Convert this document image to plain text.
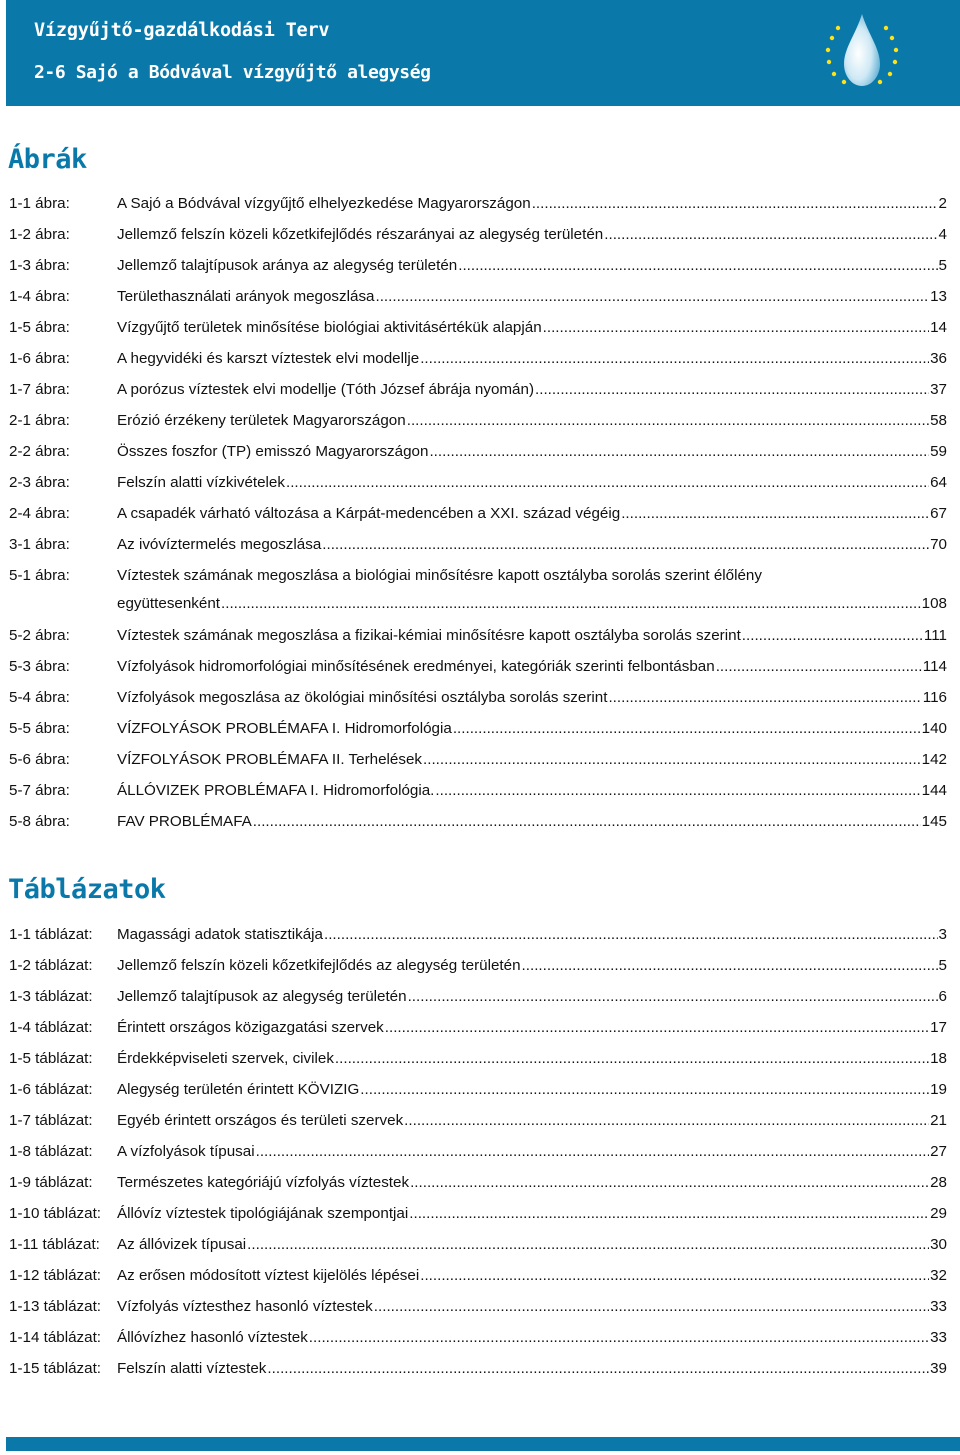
Vízgyűjtő-gazdálkodási Terv
2-6 Sajó a Bódvával vízgyűjtő alegység
Ábrák
1-1 ábra:	A Sajó a Bódvával vízgyűjtő elhelyezkedése Magyarországon .....	2
1-2 ábra:	Jellemző felszín közeli kőzetkifejlődés részarányai az alegység területén .....	4
1-3 ábra:	Jellemző talajtípusok aránya az alegység területén .....	5
1-4 ábra:	Területhasználati arányok megoszlása .....	13
1-5 ábra:	Vízgyűjtő területek minősítése biológiai aktivitásértékük alapján .....	14
1-6 ábra:	A hegyvidéki és karszt víztestek elvi modellje .....	36
1-7 ábra:	A porózus víztestek elvi modellje (Tóth József ábrája nyomán) .....	37
2-1 ábra:	Erózió érzékeny területek Magyarországon .....	58
2-2 ábra:	Összes foszfor (TP) emisszó Magyarországon .....	59
2-3 ábra:	Felszín alatti vízkivételek .....	64
2-4 ábra:	A csapadék várható változása a Kárpát-medencében a XXI. század végéig .....	67
3-1 ábra:	Az ivóvíztermelés megoszlása .....	70
5-1 ábra:	Víztestek számának megoszlása a biológiai minősítésre kapott osztályba sorolás szerint élőlény
együttesenként .....	108
5-2 ábra:	Víztestek számának megoszlása a fizikai-kémiai minősítésre kapott osztályba sorolás szerint .....	111
5-3 ábra:	Vízfolyások hidromorfológiai minősítésének eredményei, kategóriák szerinti felbontásban .....	114
5-4 ábra:	Vízfolyások megoszlása az ökológiai minősítési osztályba sorolás szerint .....	116
5-5 ábra:	VÍZFOLYÁSOK PROBLÉMAFA I. Hidromorfológia .....	140
5-6 ábra:	VÍZFOLYÁSOK PROBLÉMAFA II. Terhelések .....	142
5-7 ábra:	ÁLLÓVIZEK PROBLÉMAFA I. Hidromorfológia. .....	144
5-8 ábra:	FAV PROBLÉMAFA .....	145
Táblázatok
1-1 táblázat: Magassági adatok statisztikája .....	3
1-2 táblázat: Jellemző felszín közeli kőzetkifejlődés az alegység területén .....	5
1-3 táblázat: Jellemző talajtípusok az alegység területén .....	6
1-4 táblázat: Érintett országos közigazgatási szervek .....	17
1-5 táblázat: Érdekképviseleti szervek, civilek .....	18
1-6 táblázat: Alegység területén érintett KÖVIZIG .....	19
1-7 táblázat: Egyéb érintett országos és területi szervek .....	21
1-8 táblázat: A vízfolyások típusai .....	27
1-9 táblázat: Természetes kategóriájú vízfolyás víztestek .....	28
1-10 táblázat: Állóvíz víztestek tipológiájának szempontjai .....	29
1-11 táblázat: Az állóvizek típusai .....	30
1-12 táblázat: Az erősen módosított víztest kijelölés lépései .....	32
1-13 táblázat: Vízfolyás víztesthez hasonló víztestek .....	33
1-14 táblázat: Állóvízhez hasonló víztestek .....	33
1-15 táblázat: Felszín alatti víztestek .....	39
